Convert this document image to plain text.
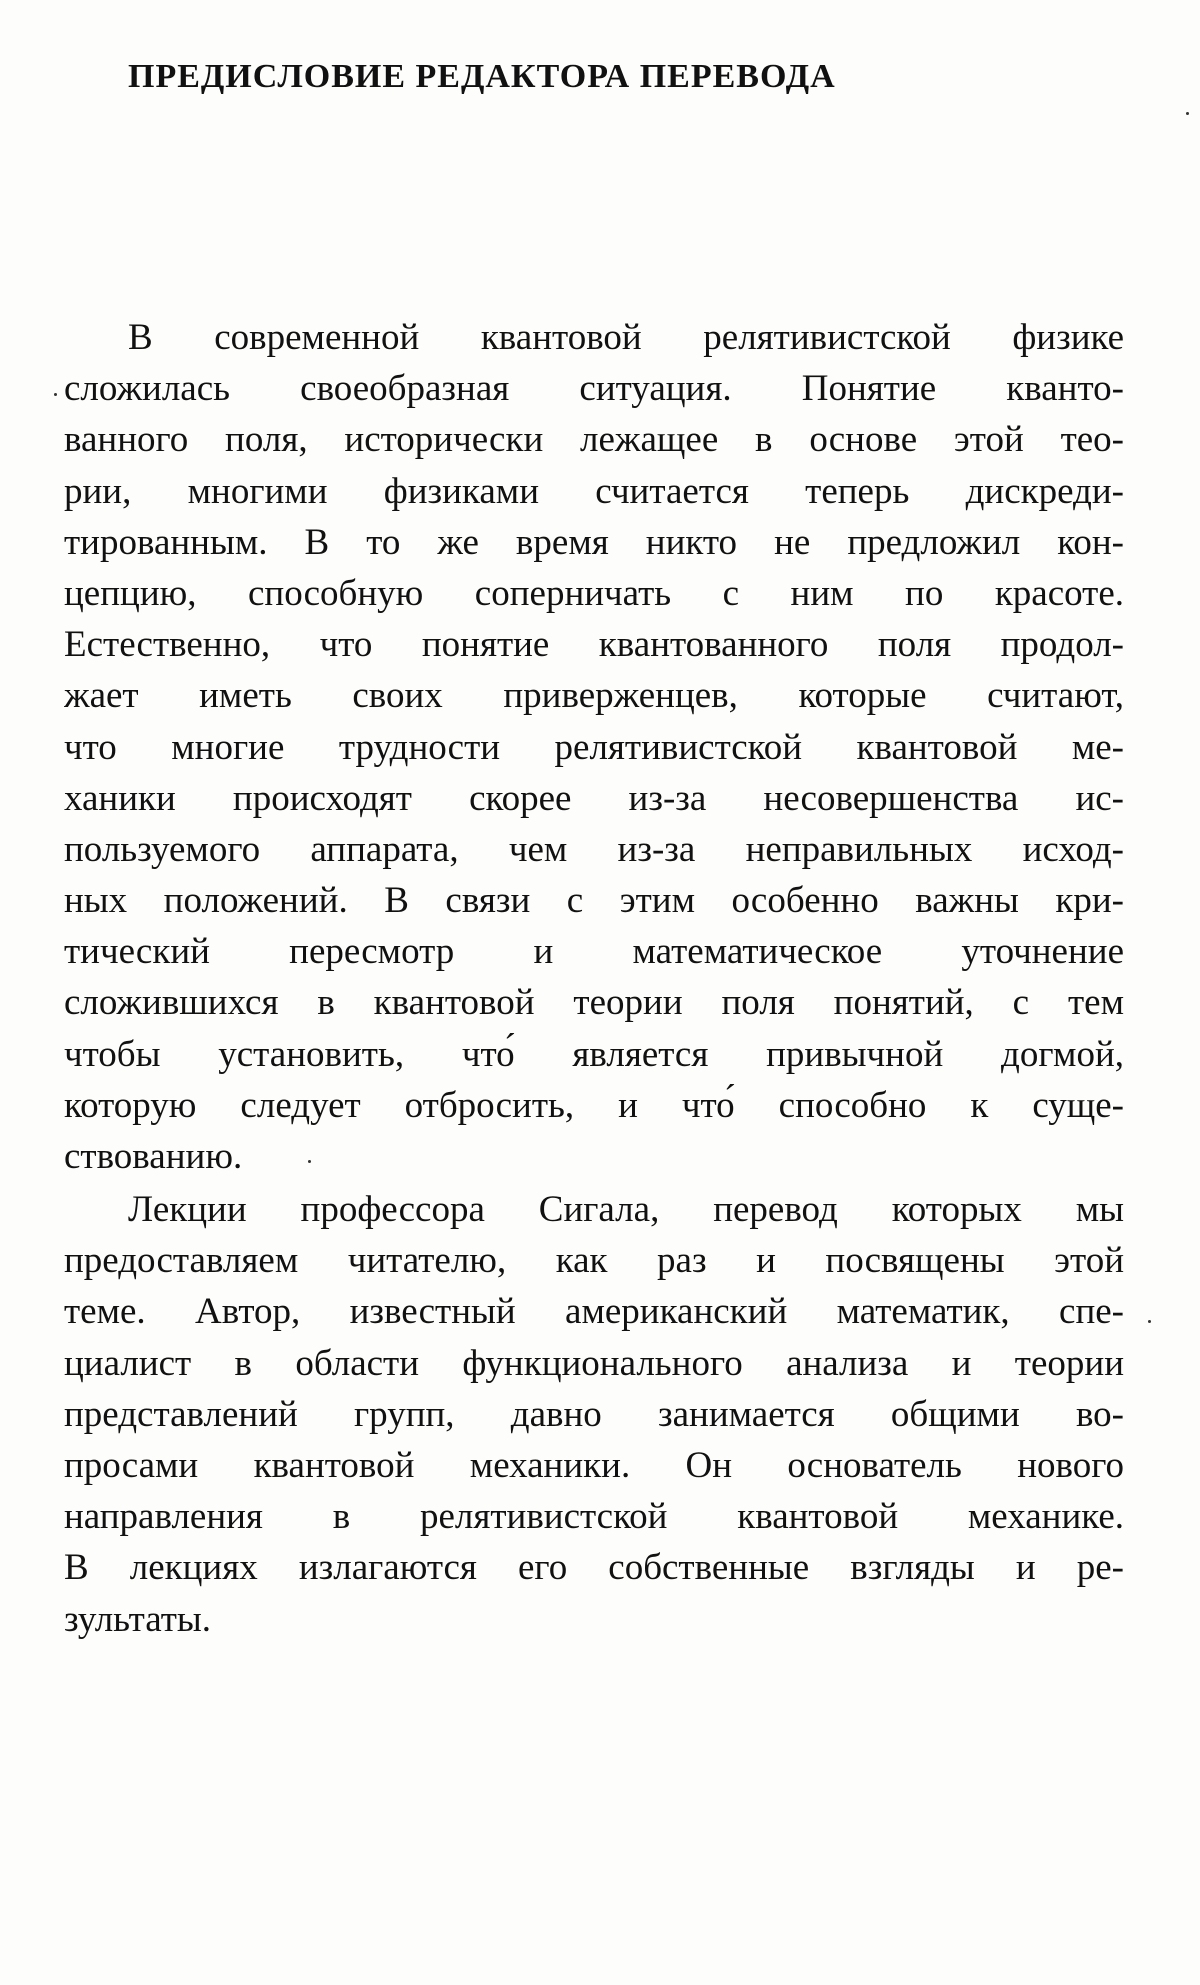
ПРЕДИСЛОВИЕ РЕДАКТОРА ПЕРЕВОДА
В современной квантовой релятивистской физике
сложилась своеобразная ситуация. Понятие кванто-
ванного поля, исторически лежащее в основе этой тео-
рии, многими физиками считается теперь дискреди-
тированным. В то же время никто не предложил кон-
цепцию, способную соперничать с ним по красоте.
Естественно, что понятие квантованного поля продол-
жает иметь своих приверженцев, которые считают,
что многие трудности релятивистской квантовой ме-
ханики происходят скорее из-за несовершенства ис-
пользуемого аппарата, чем из-за неправильных исход-
ных положений. В связи с этим особенно важны кри-
тический пересмотр и математическое уточнение
сложившихся в квантовой теории поля понятий, с тем
чтобы установить, что́ является привычной догмой,
которую следует отбросить, и что́ способно к суще-
ствованию.
Лекции профессора Сигала, перевод которых мы
предоставляем читателю, как раз и посвящены этой
теме. Автор, известный американский математик, спе-
циалист в области функционального анализа и теории
представлений групп, давно занимается общими во-
просами квантовой механики. Он основатель нового
направления в релятивистской квантовой механике.
В лекциях излагаются его собственные взгляды и ре-
зультаты.
